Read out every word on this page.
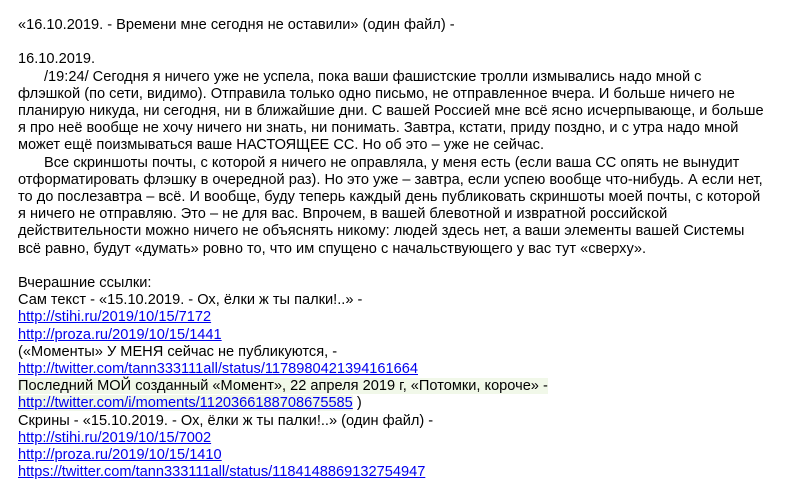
«16.10.2019. - Времени мне сегодня не оставили» (один файл) -
16.10.2019.
/19:24/ Сегодня я ничего уже не успела, пока ваши фашистские тролли измывались надо мной с
флэшкой (по сети, видимо). Отправила только одно письмо, не отправленное вчера. И больше ничего не
планирую никуда, ни сегодня, ни в ближайшие дни. С вашей Россией мне всё ясно исчерпывающе, и больше
я про неё вообще не хочу ничего ни знать, ни понимать. Завтра, кстати, приду поздно, и с утра надо мной
может ещё поизмываться ваше НАСТОЯЩЕЕ СС. Но об это – уже не сейчас.
Все скриншоты почты, с которой я ничего не оправляла, у меня есть (если ваша СС опять не вынудит
отформатировать флэшку в очередной раз). Но это уже – завтра, если успею вообще что-нибудь. А если нет,
то до послезавтра – всё. И вообще, буду теперь каждый день публиковать скриншоты моей почты, с которой
я ничего не отправляю. Это – не для вас. Впрочем, в вашей блевотной и извратной российской
действительности можно ничего не объяснять никому: людей здесь нет, а ваши элементы вашей Системы
всё равно, будут «думать» ровно то, что им спущено с начальствующего у вас тут «сверху».
Вчерашние ссылки:
Сам текст - «15.10.2019. - Ох, ёлки ж ты палки!..» -
http://stihi.ru/2019/10/15/7172
http://proza.ru/2019/10/15/1441
(«Моменты» У МЕНЯ сейчас не публикуются, -
http://twitter.com/tann333111all/status/1178980421394161664
Последний МОЙ созданный «Момент», 22 апреля 2019 г, «Потомки, короче» -
http://twitter.com/i/moments/1120366188708675585 )
Скрины - «15.10.2019. - Ох, ёлки ж ты палки!..» (один файл) -
http://stihi.ru/2019/10/15/7002
http://proza.ru/2019/10/15/1410
https://twitter.com/tann333111all/status/1184148869132754947
